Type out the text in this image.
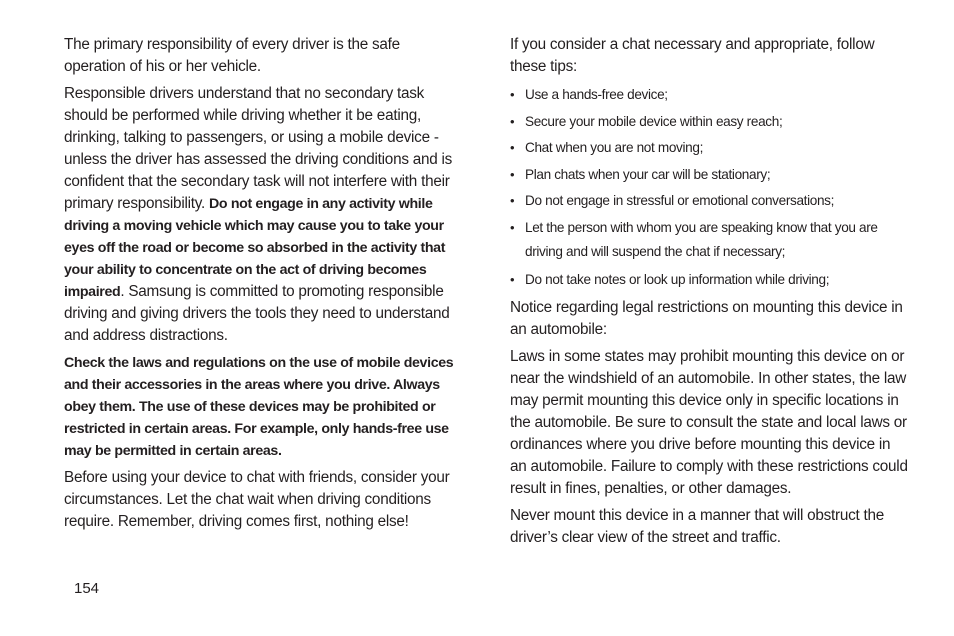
The primary responsibility of every driver is the safe operation of his or her vehicle.

Responsible drivers understand that no secondary task should be performed while driving whether it be eating, drinking, talking to passengers, or using a mobile device - unless the driver has assessed the driving conditions and is confident that the secondary task will not interfere with their primary responsibility. Do not engage in any activity while driving a moving vehicle which may cause you to take your eyes off the road or become so absorbed in the activity that your ability to concentrate on the act of driving becomes impaired. Samsung is committed to promoting responsible driving and giving drivers the tools they need to understand and address distractions.

Check the laws and regulations on the use of mobile devices and their accessories in the areas where you drive. Always obey them. The use of these devices may be prohibited or restricted in certain areas. For example, only hands-free use may be permitted in certain areas.

Before using your device to chat with friends, consider your circumstances. Let the chat wait when driving conditions require. Remember, driving comes first, nothing else!

If you consider a chat necessary and appropriate, follow these tips:

• Use a hands-free device;
• Secure your mobile device within easy reach;
• Chat when you are not moving;
• Plan chats when your car will be stationary;
• Do not engage in stressful or emotional conversations;
• Let the person with whom you are speaking know that you are driving and will suspend the chat if necessary;
• Do not take notes or look up information while driving;

Notice regarding legal restrictions on mounting this device in an automobile:

Laws in some states may prohibit mounting this device on or near the windshield of an automobile. In other states, the law may permit mounting this device only in specific locations in the automobile. Be sure to consult the state and local laws or ordinances where you drive before mounting this device in an automobile. Failure to comply with these restrictions could result in fines, penalties, or other damages.

Never mount this device in a manner that will obstruct the driver’s clear view of the street and traffic.

154
